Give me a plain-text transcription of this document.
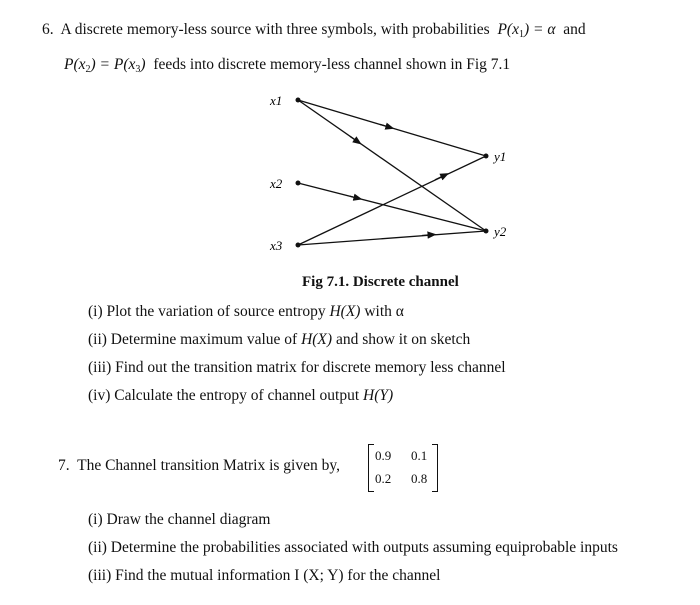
6. A discrete memory-less source with three symbols, with probabilities $P(x_1) = \alpha$ and
$P(x_2) = P(x_3)$ feeds into discrete memory-less channel shown in Fig 7.1
x1
x2
x3
y1
y2
Fig 7.1. Discrete channel
(i) Plot the variation of source entropy H(X) with α
(ii) Determine maximum value of H(X) and show it on sketch
(iii) Find out the transition matrix for discrete memory less channel
(iv) Calculate the entropy of channel output H(Y)
7. The Channel transition Matrix is given by,
0.9 0.1
0.2 0.8
(i) Draw the channel diagram
(ii) Determine the probabilities associated with outputs assuming equiprobable inputs
(iii) Find the mutual information I (X; Y) for the channel
